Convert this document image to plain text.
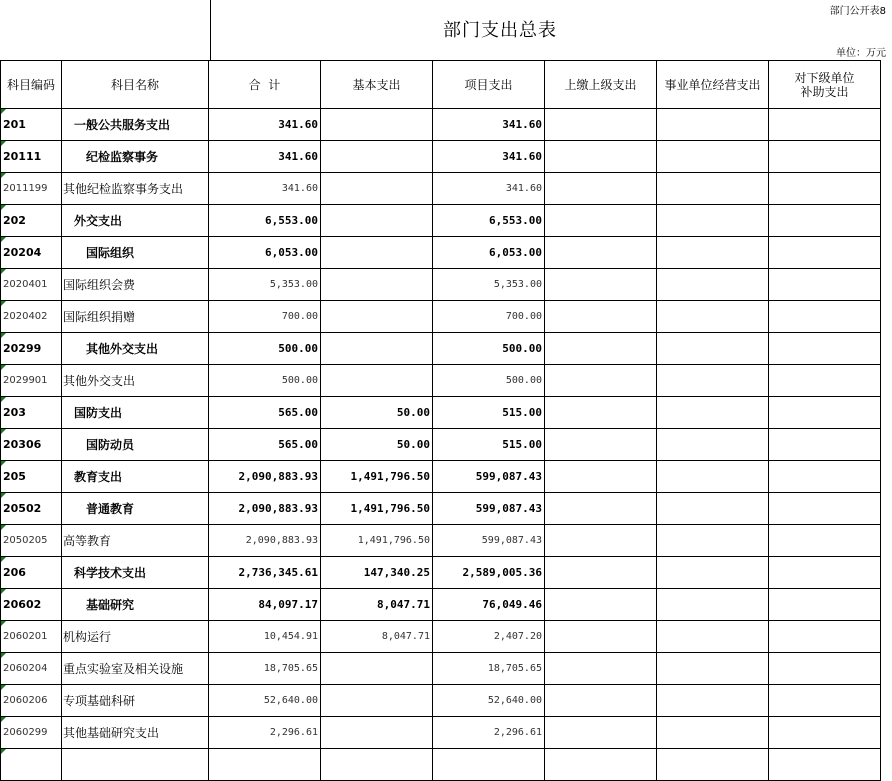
部门公开表8
部门支出总表
单位：万元
科目编码	科目名称	合  计	基本支出	项目支出	上缴上级支出	事业单位经营支出	对下级单位
补助支出
201	一般公共服务支出	341.60		341.60			
20111	纪检监察事务	341.60		341.60			
2011199	其他纪检监察事务支出	341.60		341.60			
202	外交支出	6,553.00		6,553.00			
20204	国际组织	6,053.00		6,053.00			
2020401	国际组织会费	5,353.00		5,353.00			
2020402	国际组织捐赠	700.00		700.00			
20299	其他外交支出	500.00		500.00			
2029901	其他外交支出	500.00		500.00			
203	国防支出	565.00	50.00	515.00			
20306	国防动员	565.00	50.00	515.00			
205	教育支出	2,090,883.93	1,491,796.50	599,087.43			
20502	普通教育	2,090,883.93	1,491,796.50	599,087.43			
2050205	高等教育	2,090,883.93	1,491,796.50	599,087.43			
206	科学技术支出	2,736,345.61	147,340.25	2,589,005.36			
20602	基础研究	84,097.17	8,047.71	76,049.46			
2060201	机构运行	10,454.91	8,047.71	2,407.20			
2060204	重点实验室及相关设施	18,705.65		18,705.65			
2060206	专项基础科研	52,640.00		52,640.00			
2060299	其他基础研究支出	2,296.61		2,296.61			
